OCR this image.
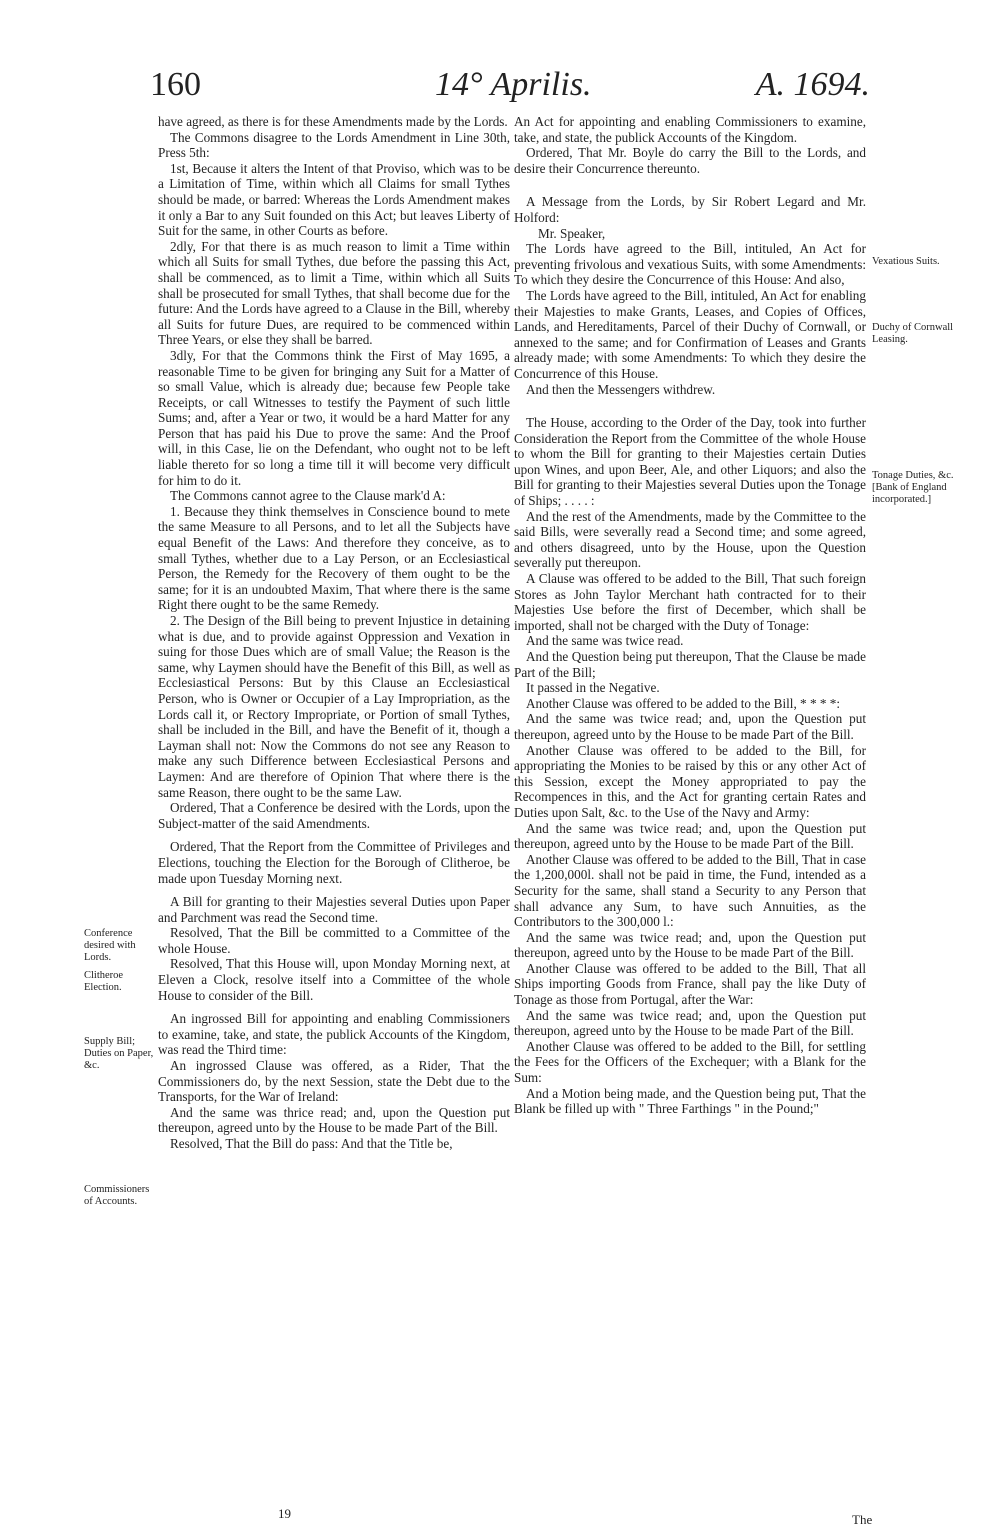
160	14° Aprilis.	A. 1694.

have agreed, as there is for these Amendments made by the Lords.

The Commons disagree to the Lords Amendment in Line 30th, Press 5th:

1st, Because it alters the Intent of that Proviso, which was to be a Limitation of Time, within which all Claims for small Tythes should be made, or barred: Whereas the Lords Amendment makes it only a Bar to any Suit founded on this Act; but leaves Liberty of Suit for the same, in other Courts as before.

2dly, For that there is as much reason to limit a Time within which all Suits for small Tythes, due before the passing this Act, shall be commenced, as to limit a Time, within which all Suits shall be prosecuted for small Tythes, that shall become due for the future: And the Lords have agreed to a Clause in the Bill, whereby all Suits for future Dues, are required to be commenced within Three Years, or else they shall be barred.

3dly, For that the Commons think the First of May 1695, a reasonable Time to be given for bringing any Suit for a Matter of so small Value, which is already due; because few People take Receipts, or call Witnesses to testify the Payment of such little Sums; and, after a Year or two, it would be a hard Matter for any Person that has paid his Due to prove the same: And the Proof will, in this Case, lie on the Defendant, who ought not to be left liable thereto for so long a time till it will become very difficult for him to do it.

The Commons cannot agree to the Clause mark'd A:

1. Because they think themselves in Conscience bound to mete the same Measure to all Persons, and to let all the Subjects have equal Benefit of the Laws: And therefore they conceive, as to small Tythes, whether due to a Lay Person, or an Ecclesiastical Person, the Remedy for the Recovery of them ought to be the same; for it is an undoubted Maxim, That where there is the same Right there ought to be the same Remedy.

2. The Design of the Bill being to prevent Injustice in detaining what is due, and to provide against Oppression and Vexation in suing for those Dues which are of small Value; the Reason is the same, why Laymen should have the Benefit of this Bill, as well as Ecclesiastical Persons: But by this Clause an Ecclesiastical Person, who is Owner or Occupier of a Lay Impropriation, as the Lords call it, or Rectory Impropriate, or Portion of small Tythes, shall be included in the Bill, and have the Benefit of it, though a Layman shall not: Now the Commons do not see any Reason to make any such Difference between Ecclesiastical Persons and Laymen: And are therefore of Opinion That where there is the same Reason, there ought to be the same Law.

Ordered, That a Conference be desired with the Lords, upon the Subject-matter of the said Amendments.

Ordered, That the Report from the Committee of Privileges and Elections, touching the Election for the Borough of Clitheroe, be made upon Tuesday Morning next.

A Bill for granting to their Majesties several Duties upon Paper and Parchment was read the Second time.

Resolved, That the Bill be committed to a Committee of the whole House.

Resolved, That this House will, upon Monday Morning next, at Eleven a Clock, resolve itself into a Committee of the whole House to consider of the Bill.

An ingrossed Bill for appointing and enabling Commissioners to examine, take, and state, the publick Accounts of the Kingdom, was read the Third time:

An ingrossed Clause was offered, as a Rider, That the Commissioners do, by the next Session, state the Debt due to the Transports, for the War of Ireland:

And the same was thrice read; and, upon the Question put thereupon, agreed unto by the House to be made Part of the Bill.

Resolved, That the Bill do pass: And that the Title be,

An Act for appointing and enabling Commissioners to examine, take, and state, the publick Accounts of the Kingdom.

Ordered, That Mr. Boyle do carry the Bill to the Lords, and desire their Concurrence thereunto.

A Message from the Lords, by Sir Robert Legard and Mr. Holford:

Mr. Speaker,

The Lords have agreed to the Bill, intituled, An Act for preventing frivolous and vexatious Suits, with some Amendments: To which they desire the Concurrence of this House: And also,

The Lords have agreed to the Bill, intituled, An Act for enabling their Majesties to make Grants, Leases, and Copies of Offices, Lands, and Hereditaments, Parcel of their Duchy of Cornwall, or annexed to the same; and for Confirmation of Leases and Grants already made; with some Amendments: To which they desire the Concurrence of this House.

And then the Messengers withdrew.

The House, according to the Order of the Day, took into further Consideration the Report from the Committee of the whole House to whom the Bill for granting to their Majesties certain Duties upon Wines, and upon Beer, Ale, and other Liquors; and also the Bill for granting to their Majesties several Duties upon the Tonage of Ships; . . . . :

And the rest of the Amendments, made by the Committee to the said Bills, were severally read a Second time; and some agreed, and others disagreed, unto by the House, upon the Question severally put thereupon.

A Clause was offered to be added to the Bill, That such foreign Stores as John Taylor Merchant hath contracted for to their Majesties Use before the first of December, which shall be imported, shall not be charged with the Duty of Tonage:

And the same was twice read.

And the Question being put thereupon, That the Clause be made Part of the Bill;

It passed in the Negative.

Another Clause was offered to be added to the Bill, * * * *:

And the same was twice read; and, upon the Question put thereupon, agreed unto by the House to be made Part of the Bill.

Another Clause was offered to be added to the Bill, for appropriating the Monies to be raised by this or any other Act of this Session, except the Money appropriated to pay the Recompences in this, and the Act for granting certain Rates and Duties upon Salt, &c. to the Use of the Navy and Army:

And the same was twice read; and, upon the Question put thereupon, agreed unto by the House to be made Part of the Bill.

Another Clause was offered to be added to the Bill, That in case the 1,200,000l. shall not be paid in time, the Fund, intended as a Security for the same, shall stand a Security to any Person that shall advance any Sum, to have such Annuities, as the Contributors to the 300,000 l.:

And the same was twice read; and, upon the Question put thereupon, agreed unto by the House to be made Part of the Bill.

Another Clause was offered to be added to the Bill, That all Ships importing Goods from France, shall pay the like Duty of Tonage as those from Portugal, after the War:

And the same was twice read; and, upon the Question put thereupon, agreed unto by the House to be made Part of the Bill.

Another Clause was offered to be added to the Bill, for settling the Fees for the Officers of the Exchequer; with a Blank for the Sum:

And a Motion being made, and the Question being put, That the Blank be filled up with " Three Farthings " in the Pound;"

Conference desired with Lords.
Clitheroe Election.
Supply Bill; Duties on Paper, &c.
Commissioners of Accounts.
Vexatious Suits.
Duchy of Cornwall Leasing.
Tonage Duties, &c. [Bank of England incorporated.]
19	The
